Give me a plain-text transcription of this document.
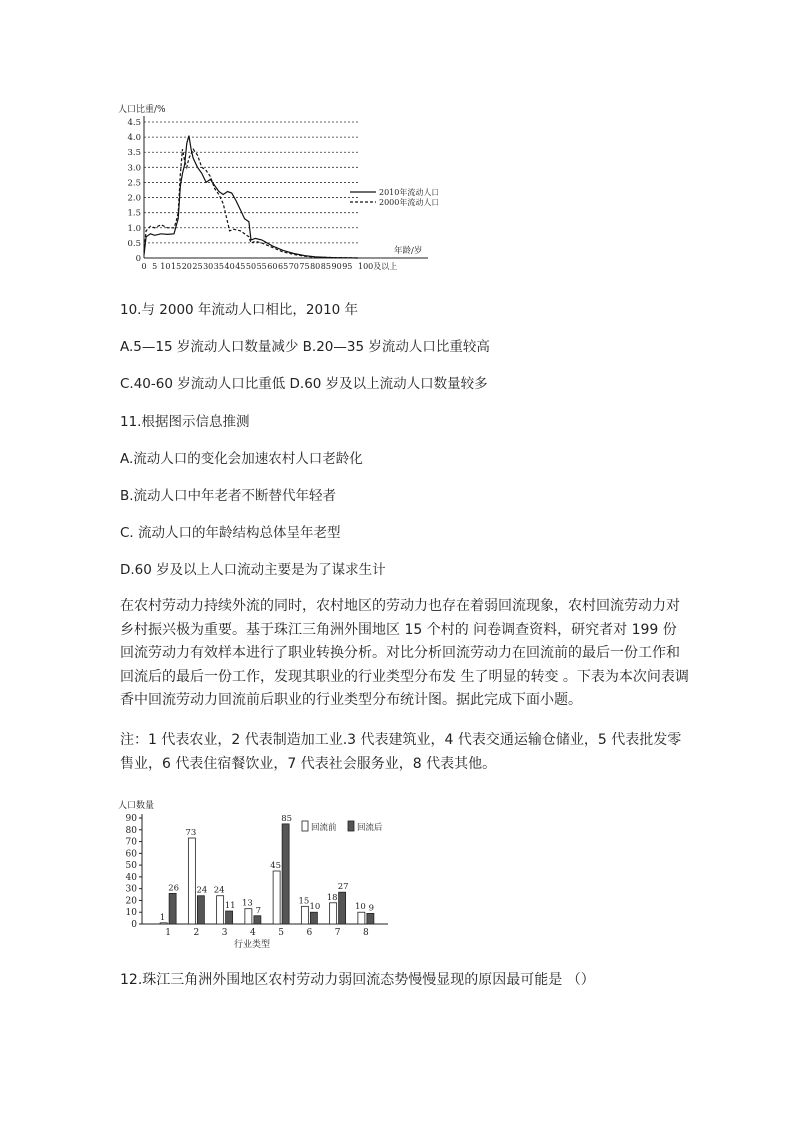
人口比重/%
0
0.5
1.0
1.5
2.0
2.5
3.0
3.5
4.0
4.5
0 5 10 15 20 25 30 35 40 45 50 55 60 65 70 75 80 85 90 95 100及以上
年龄/岁
2010年流动人口
2000年流动人口
10.与 2000 年流动人口相比，2010 年
A.5—15 岁流动人口数量减少 B.20—35 岁流动人口比重较高
C.40-60 岁流动人口比重低 D.60 岁及以上流动人口数量较多
11.根据图示信息推测
A.流动人口的变化会加速农村人口老龄化
B.流动人口中年老者不断替代年轻者
C. 流动人口的年龄结构总体呈年老型
D.60 岁及以上人口流动主要是为了谋求生计
在农村劳动力持续外流的同时，农村地区的劳动力也存在着弱回流现象，农村回流劳动力对乡村振兴极为重要。基于珠江三角洲外围地区 15 个村的 问卷调查资料，研究者对 199 份回流劳动力有效样本进行了职业转换分析。对比分析回流劳动力在回流前的最后一份工作和回流后的最后一份工作，发现其职业的行业类型分布发 生了明显的转变 。下表为本次问表调香中回流劳动力回流前后职业的行业类型分布统计图。据此完成下面小题。
注：1 代表农业，2 代表制造加工业.3 代表建筑业，4 代表交通运输仓储业，5 代表批发零售业，6 代表住宿餐饮业，7 代表社会服务业，8 代表其他。
人口数量
0
10
20
30
40
50
60
70
80
90
1
1
26
2
73
24
3
24
11
4
13
7
5
45
85
6
15
10
7
18
27
8
10 9
行业类型
回流前 回流后
12.珠江三角洲外围地区农村劳动力弱回流态势慢慢显现的原因最可能是 （）
